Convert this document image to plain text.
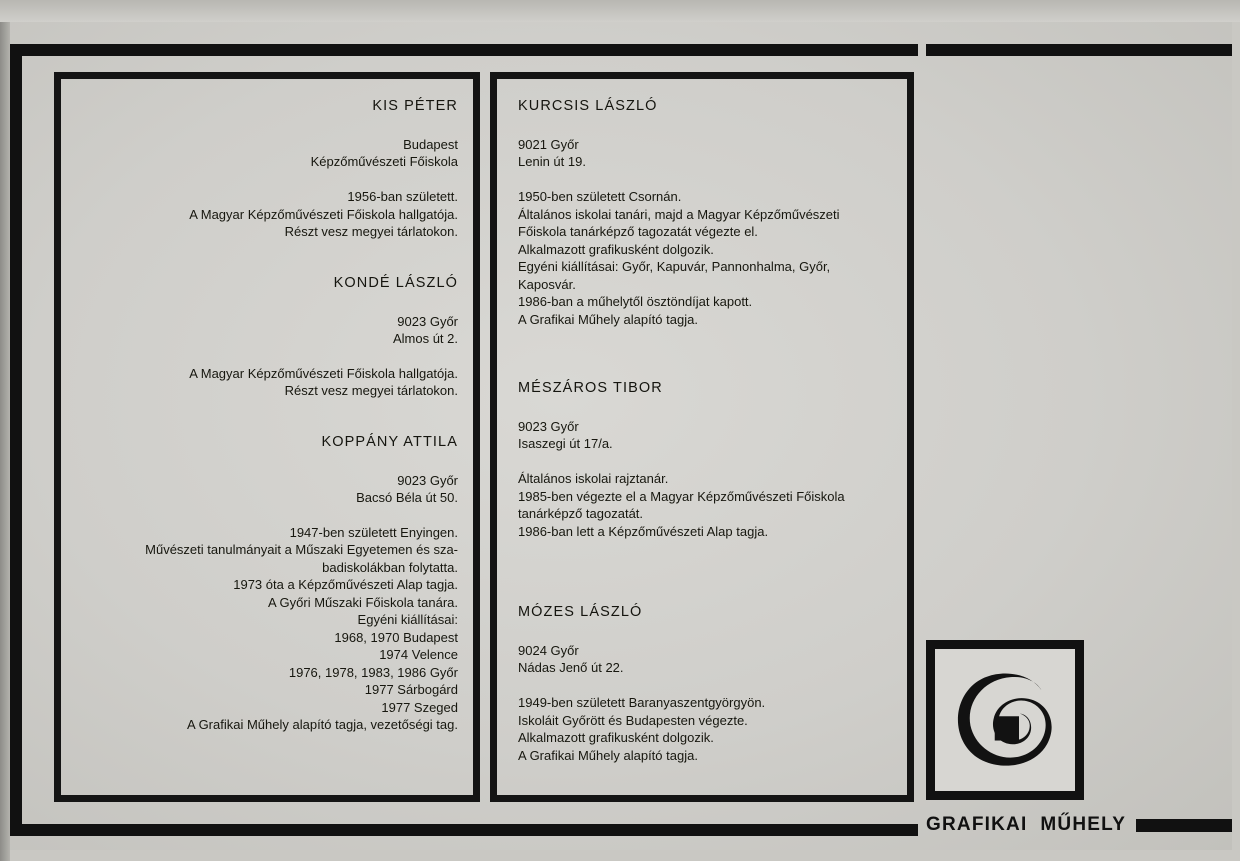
KIS PÉTER
Budapest
Képzőművészeti Főiskola
1956-ban született.
A Magyar Képzőművészeti Főiskola hallgatója.
Részt vesz megyei tárlatokon.
KONDÉ LÁSZLÓ
9023 Győr
Almos út 2.
A Magyar Képzőművészeti Főiskola hallgatója.
Részt vesz megyei tárlatokon.
KOPPÁNY ATTILA
9023 Győr
Bacsó Béla út 50.
1947-ben született Enyingen.
Művészeti tanulmányait a Műszaki Egyetemen és sza-
badiskolákban folytatta.
1973 óta a Képzőművészeti Alap tagja.
A Győri Műszaki Főiskola tanára.
Egyéni kiállításai:
1968, 1970 Budapest
1974 Velence
1976, 1978, 1983, 1986 Győr
1977 Sárbogárd
1977 Szeged
A Grafikai Műhely alapító tagja, vezetőségi tag.
KURCSIS LÁSZLÓ
9021 Győr
Lenin út 19.
1950-ben született Csornán.
Általános iskolai tanári, majd a Magyar Képzőművészeti
Főiskola tanárképző tagozatát végezte el.
Alkalmazott grafikusként dolgozik.
Egyéni kiállításai: Győr, Kapuvár, Pannonhalma, Győr,
Kaposvár.
1986-ban a műhelytől ösztöndíjat kapott.
A Grafikai Műhely alapító tagja.
MÉSZÁROS TIBOR
9023 Győr
Isaszegi út 17/a.
Általános iskolai rajztanár.
1985-ben végezte el a Magyar Képzőművészeti Főiskola
tanárképző tagozatát.
1986-ban lett a Képzőművészeti Alap tagja.
MÓZES LÁSZLÓ
9024 Győr
Nádas Jenő út 22.
1949-ben született Baranyaszentgyörgyön.
Iskoláit Győrött és Budapesten végezte.
Alkalmazott grafikusként dolgozik.
A Grafikai Műhely alapító tagja.
GRAFIKAI  MŰHELY
